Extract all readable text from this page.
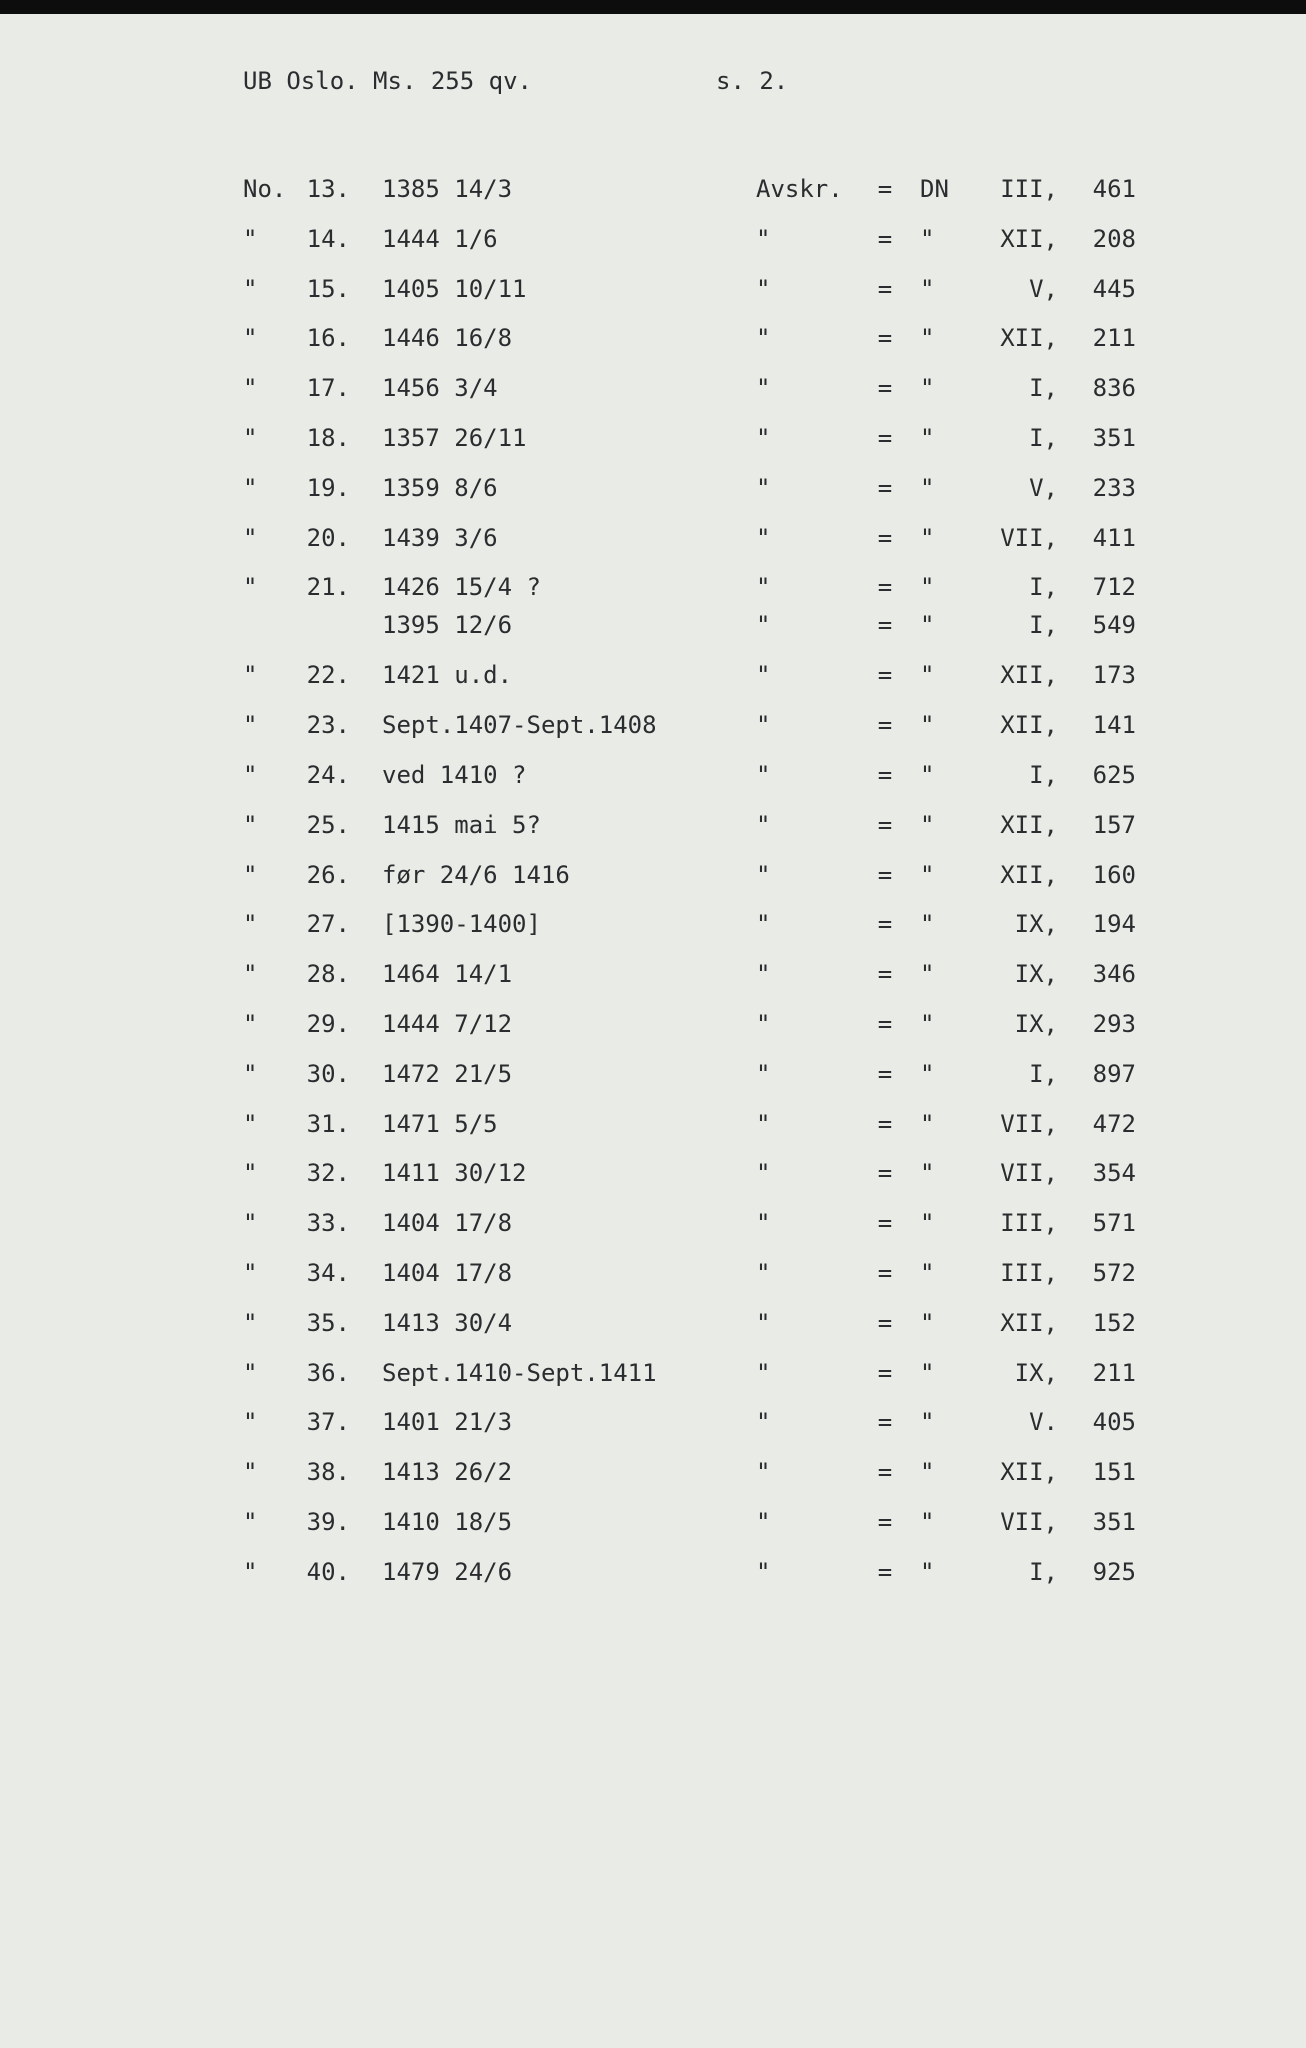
UB Oslo. Ms. 255 qv.	s. 2.
No. 13. 1385 14/3	Avskr. = DN	III,	461
"	14. 1444 1/6	"	= "	XII,	208
"	15. 1405 10/11	"	= "	V,	445
"	16. 1446 16/8	"	= "	XII,	211
"	17. 1456 3/4	"	= "	I,	836
"	18. 1357 26/11	"	= "	I,	351
"	19. 1359 8/6	"	= "	V,	233
"	20. 1439 3/6	"	= "	VII,	411
"	21. 1426 15/4 ?	"	= "	I,	712
1395 12/6	"	= "	I,	549
"	22. 1421 u.d.	"	= "	XII,	173
"	23. Sept.1407-Sept.1408	"	= "	XII,	141
"	24. ved 1410 ?	"	= "	I,	625
"	25. 1415 mai 5?	"	= "	XII,	157
"	26. før 24/6 1416	"	= "	XII,	160
"	27. [1390-1400]	"	= "	IX,	194
"	28. 1464 14/1	"	= "	IX,	346
"	29. 1444 7/12	"	= "	IX,	293
"	30. 1472 21/5	"	= "	I,	897
"	31. 1471 5/5	"	= "	VII,	472
"	32. 1411 30/12	"	= "	VII,	354
"	33. 1404 17/8	"	= "	III,	571
"	34. 1404 17/8	"	= "	III,	572
"	35. 1413 30/4	"	= "	XII,	152
"	36. Sept.1410-Sept.1411	"	= "	IX,	211
"	37. 1401 21/3	"	= "	V.	405
"	38. 1413 26/2	"	= "	XII,	151
"	39. 1410 18/5	"	= "	VII,	351
"	40. 1479 24/6	"	= "	I,	925
